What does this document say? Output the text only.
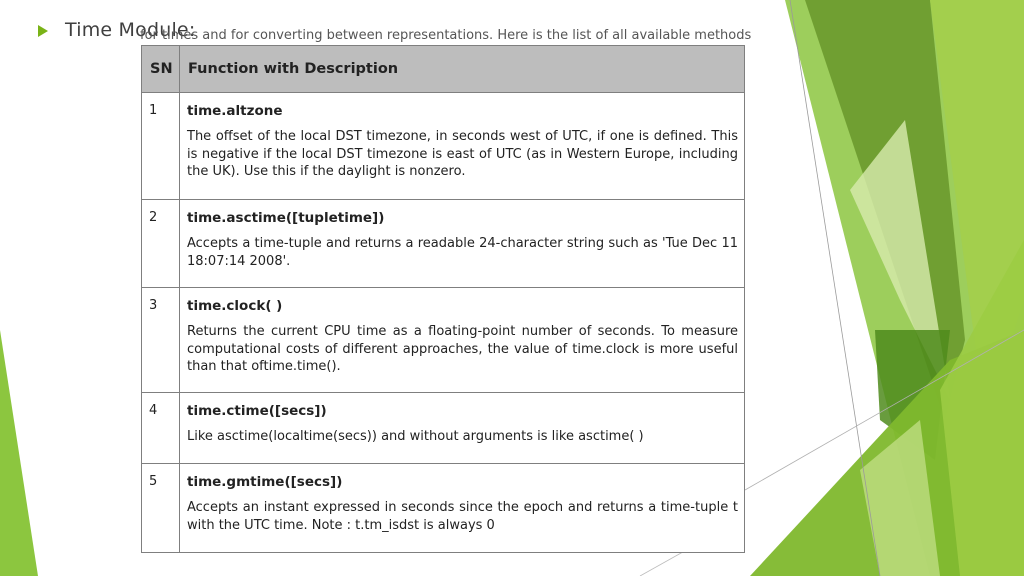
Time Module:
for times and for converting between representations. Here is the list of all available methods
SN	Function with Description
1	time.altzone
The offset of the local DST timezone, in seconds west of UTC, if one is defined. This is negative if the local DST timezone is east of UTC (as in Western Europe, including the UK). Use this if the daylight is nonzero.

2	time.asctime([tupletime])
Accepts a time-tuple and returns a readable 24-character string such as 'Tue Dec 11 18:07:14 2008'.

3	time.clock( )
Returns the current CPU time as a floating-point number of seconds. To measure computational costs of different approaches, the value of time.clock is more useful than that oftime.time().

4	time.ctime([secs])
Like asctime(localtime(secs)) and without arguments is like asctime( )

5	time.gmtime([secs])
Accepts an instant expressed in seconds since the epoch and returns a time-tuple t with the UTC time. Note : t.tm_isdst is always 0
